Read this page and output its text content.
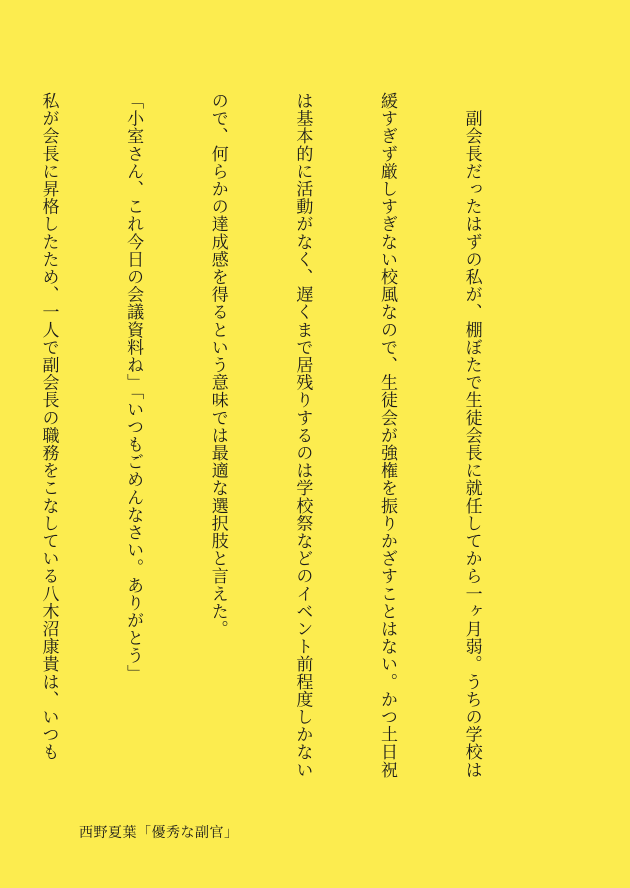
　副会長だったはずの私が、棚ぼたで生徒会長に就任してから一ヶ月弱。うちの学校は

緩すぎず厳しすぎない校風なので、生徒会が強権を振りかざすことはない。かつ土日祝

は基本的に活動がなく、遅くまで居残りするのは学校祭などのイベント前程度しかない

ので、何らかの達成感を得るという意味では最適な選択肢と言えた。

「小室さん、これ今日の会議資料ね」「いつもごめんなさい。ありがとう」

私が会長に昇格したため、一人で副会長の職務をこなしている八木沼康貴は、いつも

西野夏葉「優秀な副官」
